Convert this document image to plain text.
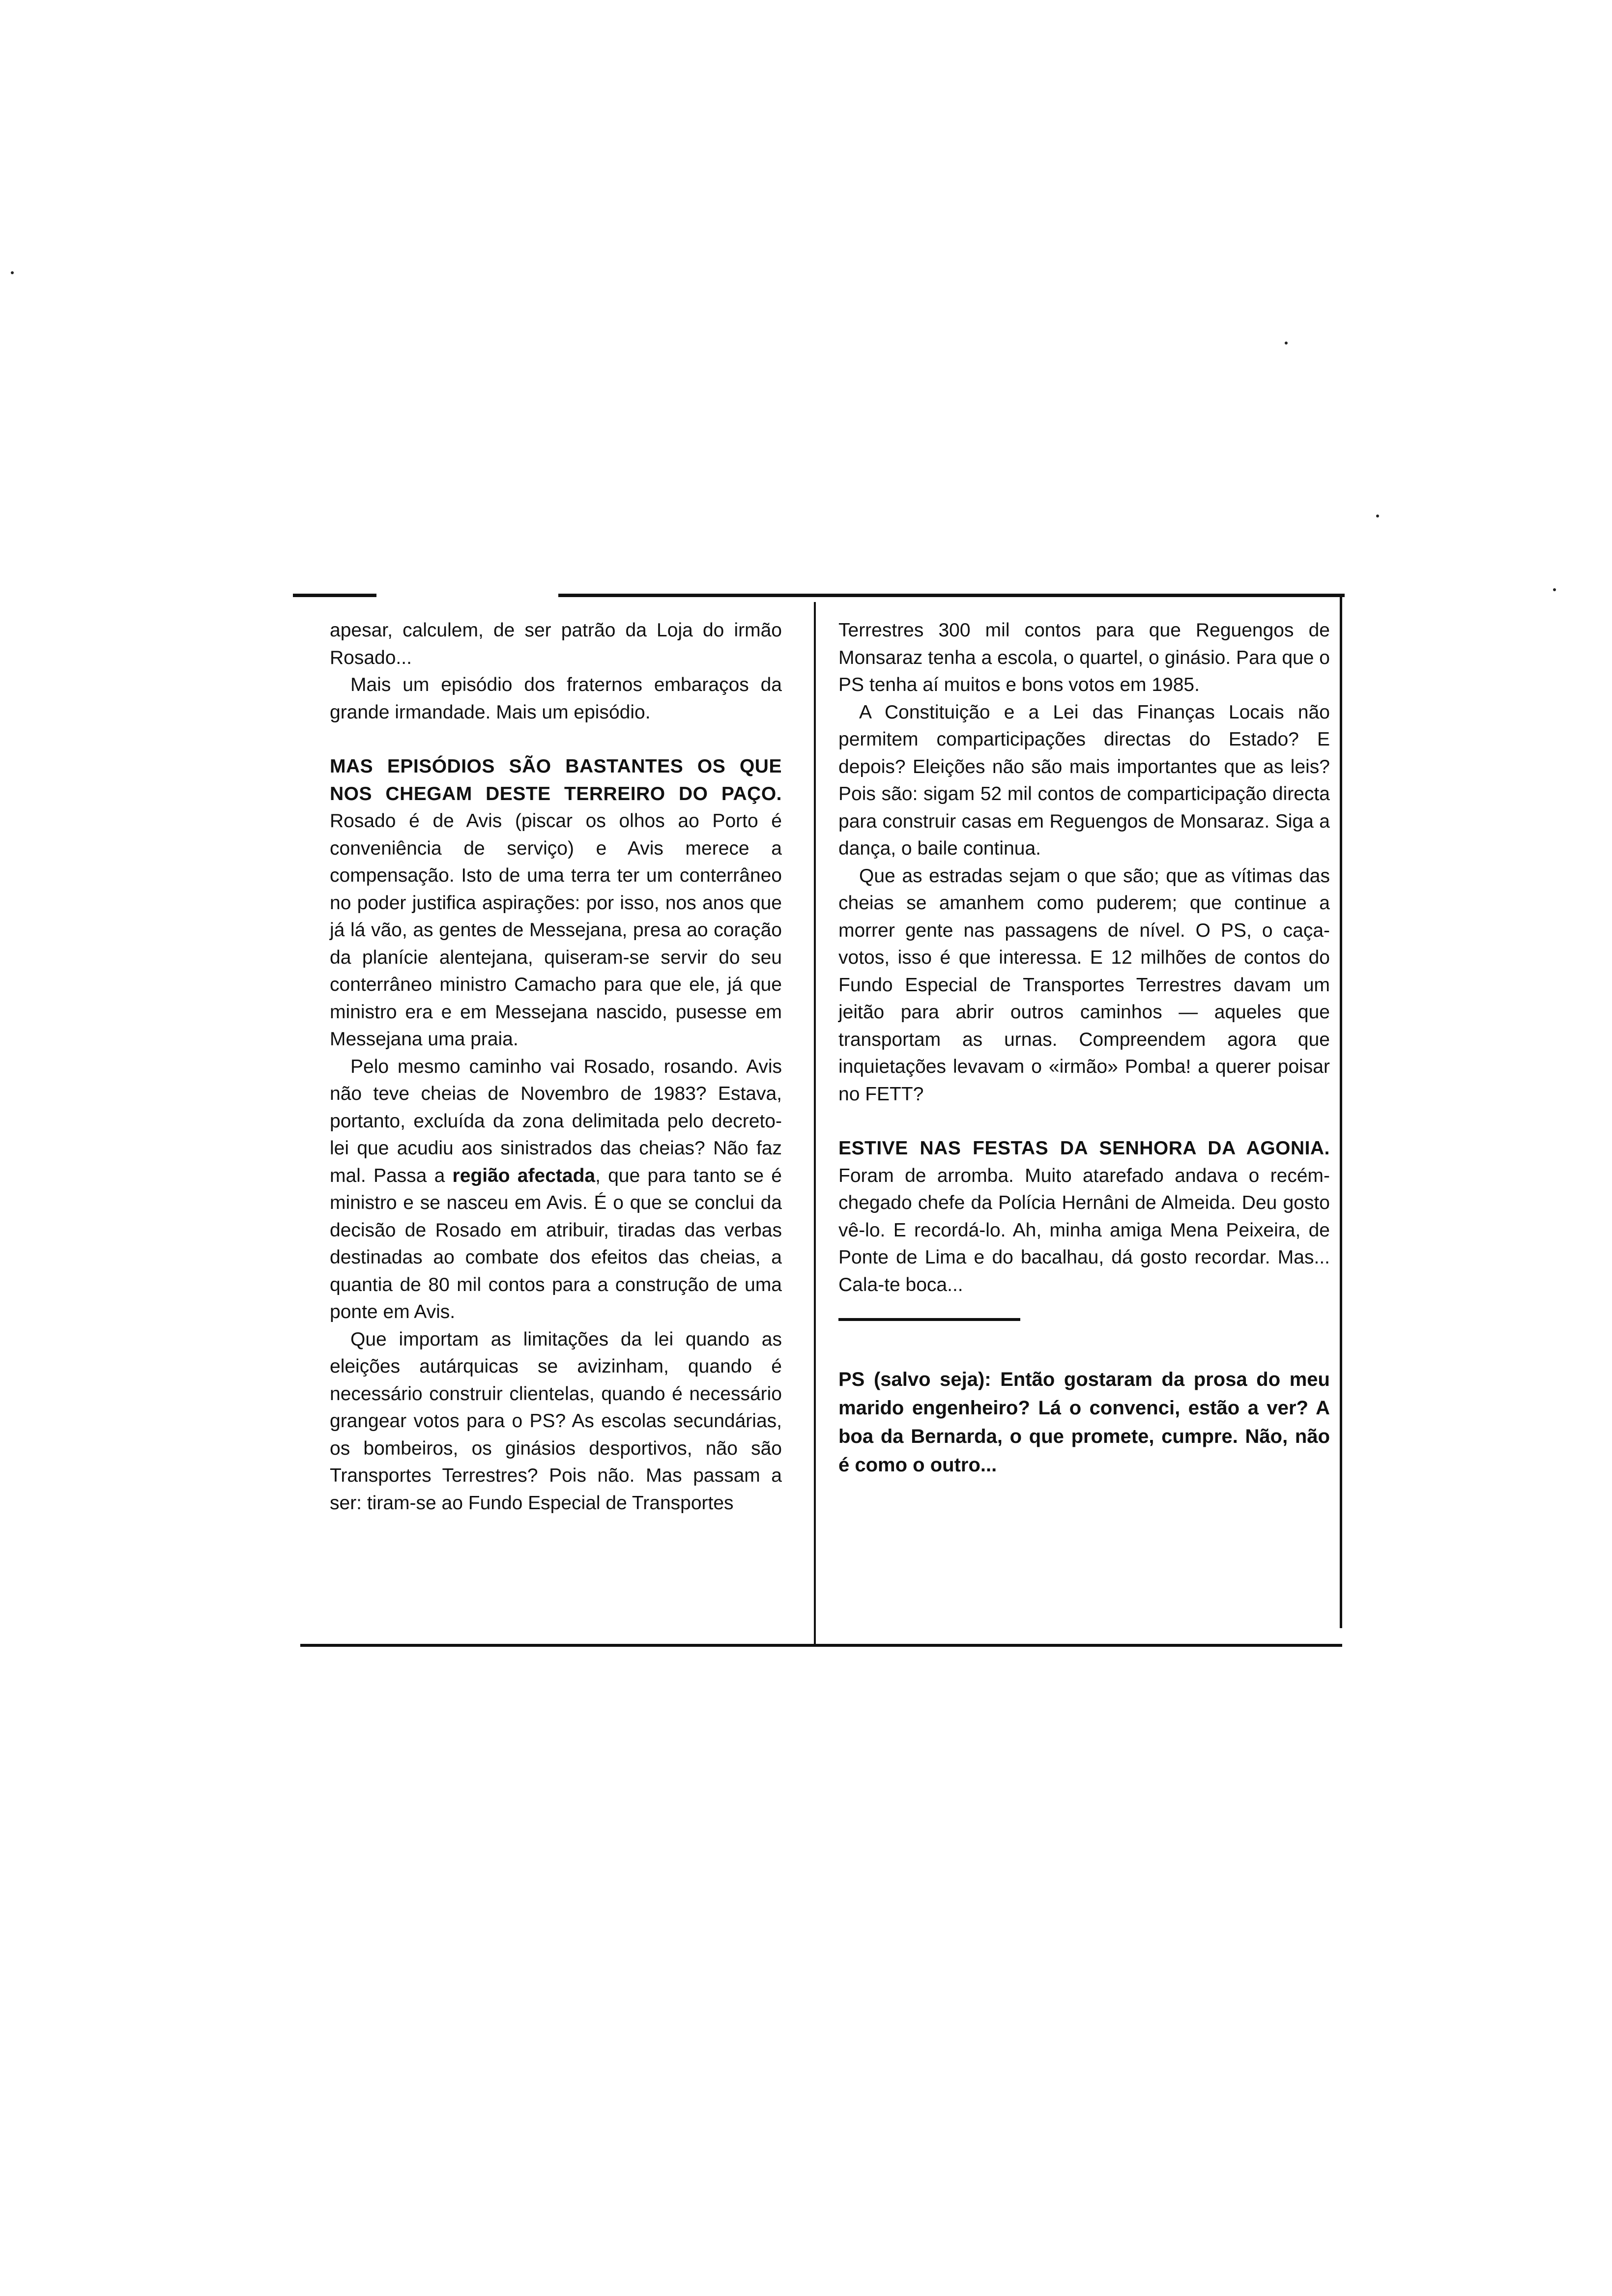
apesar, calculem, de ser patrão da Loja do irmão Rosado...

Mais um episódio dos fraternos embaraços da grande irmandade. Mais um episódio.

MAS EPISÓDIOS SÃO BASTANTES OS QUE NOS CHEGAM DESTE TERREIRO DO PAÇO. Rosado é de Avis (piscar os olhos ao Porto é conveniência de serviço) e Avis merece a compensação. Isto de uma terra ter um conterrâneo no poder justifica aspirações: por isso, nos anos que já lá vão, as gentes de Messejana, presa ao coração da planície alentejana, quiseram-se servir do seu conterrâneo ministro Camacho para que ele, já que ministro era e em Messejana nascido, pusesse em Messejana uma praia.

Pelo mesmo caminho vai Rosado, rosando. Avis não teve cheias de Novembro de 1983? Estava, portanto, excluída da zona delimitada pelo decreto-lei que acudiu aos sinistrados das cheias? Não faz mal. Passa a região afectada, que para tanto se é ministro e se nasceu em Avis. É o que se conclui da decisão de Rosado em atribuir, tiradas das verbas destinadas ao combate dos efeitos das cheias, a quantia de 80 mil contos para a construção de uma ponte em Avis.

Que importam as limitações da lei quando as eleições autárquicas se avizinham, quando é necessário construir clientelas, quando é necessário grangear votos para o PS? As escolas secundárias, os bombeiros, os ginásios desportivos, não são Transportes Terrestres? Pois não. Mas passam a ser: tiram-se ao Fundo Especial de Transportes

Terrestres 300 mil contos para que Reguengos de Monsaraz tenha a escola, o quartel, o ginásio. Para que o PS tenha aí muitos e bons votos em 1985.

A Constituição e a Lei das Finanças Locais não permitem comparticipações directas do Estado? E depois? Eleições não são mais importantes que as leis? Pois são: sigam 52 mil contos de comparticipação directa para construir casas em Reguengos de Monsaraz. Siga a dança, o baile continua.

Que as estradas sejam o que são; que as vítimas das cheias se amanhem como puderem; que continue a morrer gente nas passagens de nível. O PS, o caça-votos, isso é que interessa. E 12 milhões de contos do Fundo Especial de Transportes Terrestres davam um jeitão para abrir outros caminhos — aqueles que transportam as urnas. Compreendem agora que inquietações levavam o «irmão» Pomba! a querer poisar no FETT?

ESTIVE NAS FESTAS DA SENHORA DA AGONIA. Foram de arromba. Muito atarefado andava o recém-chegado chefe da Polícia Hernâni de Almeida. Deu gosto vê-lo. E recordá-lo. Ah, minha amiga Mena Peixeira, de Ponte de Lima e do bacalhau, dá gosto recordar. Mas... Cala-te boca...

PS (salvo seja): Então gostaram da prosa do meu marido engenheiro? Lá o convenci, estão a ver? A boa da Bernarda, o que promete, cumpre. Não, não é como o outro...
